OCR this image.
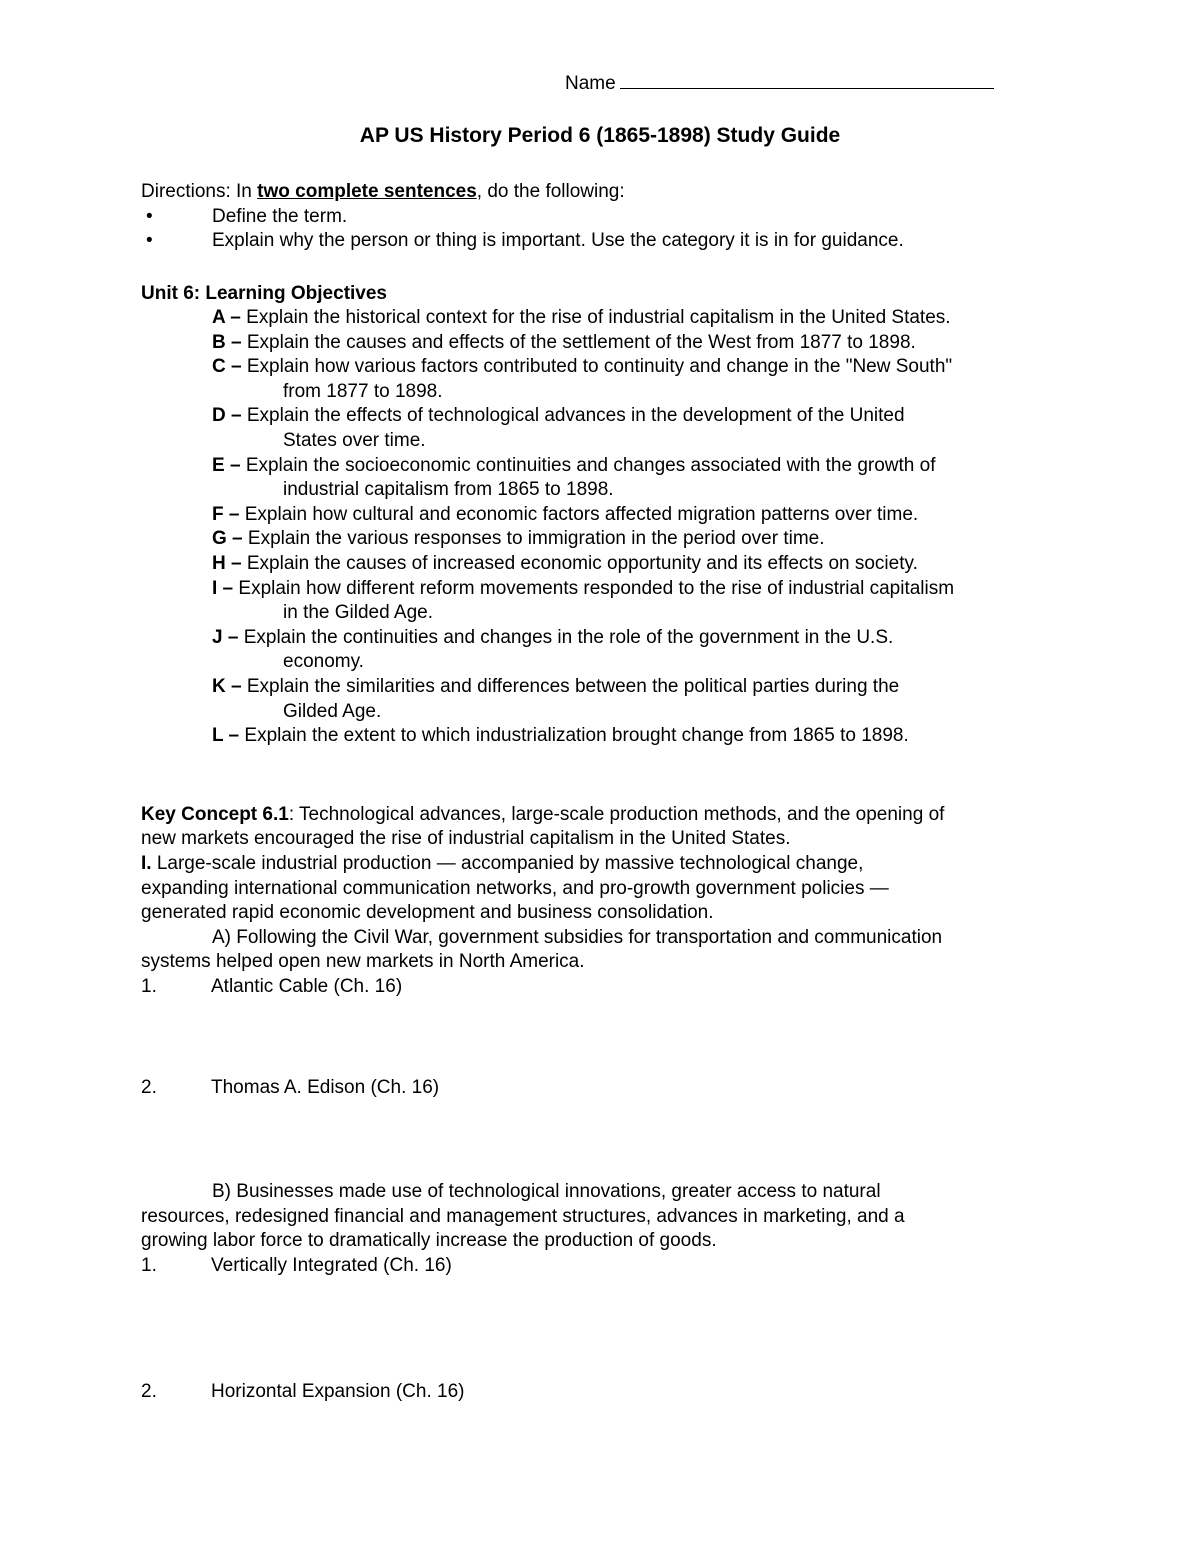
Name
AP US History Period 6 (1865-1898) Study Guide
Directions: In two complete sentences, do the following:
•	Define the term.
•	Explain why the person or thing is important. Use the category it is in for guidance.
Unit 6: Learning Objectives
A – Explain the historical context for the rise of industrial capitalism in the United States.
B – Explain the causes and effects of the settlement of the West from 1877 to 1898.
C – Explain how various factors contributed to continuity and change in the "New South"
from 1877 to 1898.
D – Explain the effects of technological advances in the development of the United
States over time.
E – Explain the socioeconomic continuities and changes associated with the growth of
industrial capitalism from 1865 to 1898.
F – Explain how cultural and economic factors affected migration patterns over time.
G – Explain the various responses to immigration in the period over time.
H – Explain the causes of increased economic opportunity and its effects on society.
I – Explain how different reform movements responded to the rise of industrial capitalism
in the Gilded Age.
J – Explain the continuities and changes in the role of the government in the U.S.
economy.
K – Explain the similarities and differences between the political parties during the
Gilded Age.
L – Explain the extent to which industrialization brought change from 1865 to 1898.
Key Concept 6.1: Technological advances, large-scale production methods, and the opening of
new markets encouraged the rise of industrial capitalism in the United States.
I. Large-scale industrial production — accompanied by massive technological change,
expanding international communication networks, and pro-growth government policies —
generated rapid economic development and business consolidation.
A) Following the Civil War, government subsidies for transportation and communication
systems helped open new markets in North America.
1.	Atlantic Cable (Ch. 16)
2.	Thomas A. Edison (Ch. 16)
B) Businesses made use of technological innovations, greater access to natural
resources, redesigned financial and management structures, advances in marketing, and a
growing labor force to dramatically increase the production of goods.
1.	Vertically Integrated (Ch. 16)
2.	Horizontal Expansion (Ch. 16)
